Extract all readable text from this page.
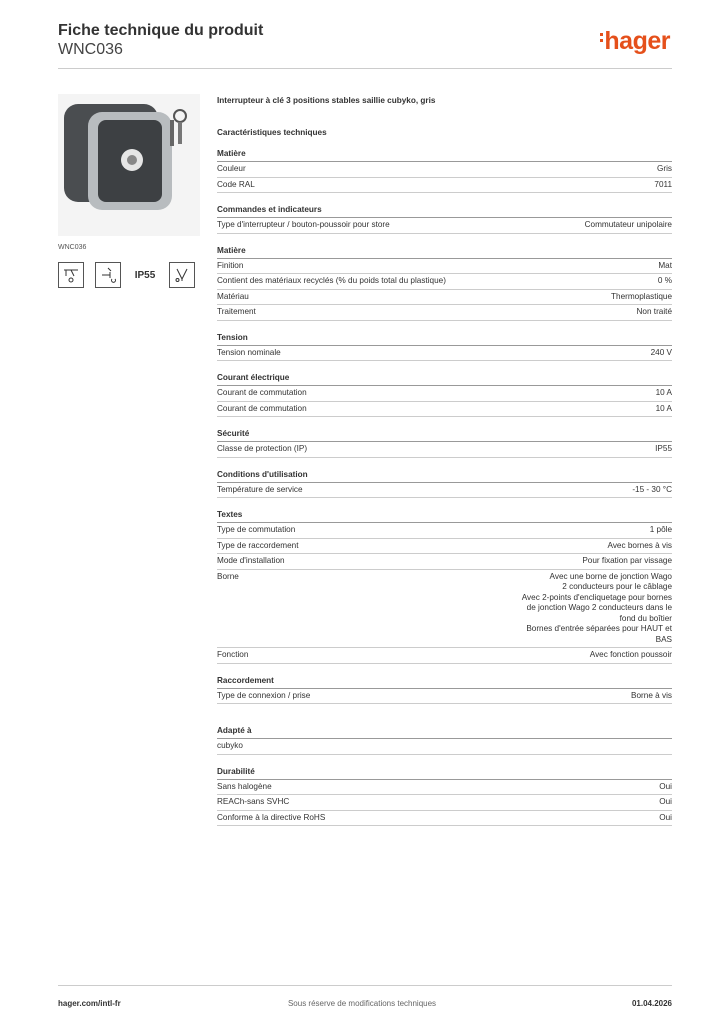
Fiche technique du produit
WNC036	hager
WNC036
IP55
Interrupteur à clé 3 positions stables saillie cubyko, gris
Caractéristiques techniques
Matière
Couleur	Gris
Code RAL	7011
Commandes et indicateurs
Type d'interrupteur / bouton-poussoir pour store	Commutateur unipolaire
Matière
Finition	Mat
Contient des matériaux recyclés (% du poids total du plastique)	0 %
Matériau	Thermoplastique
Traitement	Non traité
Tension
Tension nominale	240 V
Courant électrique
Courant de commutation	10 A
Courant de commutation	10 A
Sécurité
Classe de protection (IP)	IP55
Conditions d'utilisation
Température de service	-15 - 30 °C
Textes
Type de commutation	1 pôle
Type de raccordement	Avec bornes à vis
Mode d'installation	Pour fixation par vissage
Borne	Avec une borne de jonction Wago
2 conducteurs pour le câblage
Avec 2-points d'encliquetage pour bornes
de jonction Wago 2 conducteurs dans le
fond du boîtier
Bornes d'entrée séparées pour HAUT et
BAS
Fonction	Avec fonction poussoir
Raccordement
Type de connexion / prise	Borne à vis
Adapté à
cubyko
Durabilité
Sans halogène	Oui
REACh-sans SVHC	Oui
Conforme à la directive RoHS	Oui
hager.com/intl-fr	Sous réserve de modifications techniques	01.04.2026
